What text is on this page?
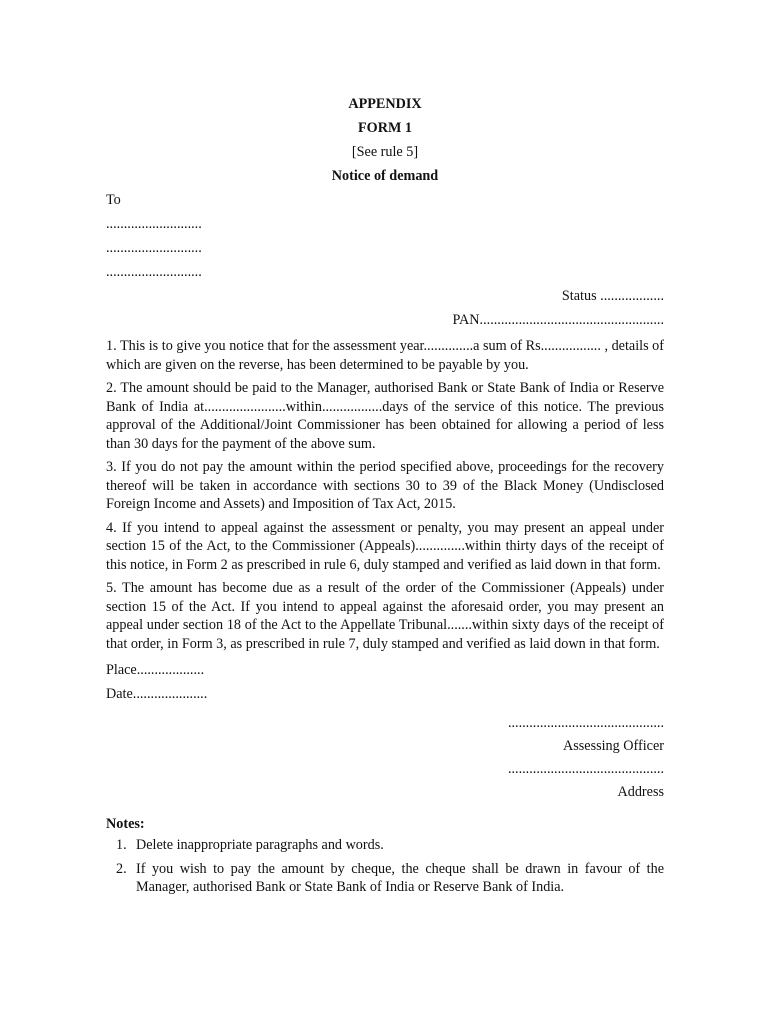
APPENDIX
FORM 1
[See rule 5]
Notice of demand
To
...........................
...........................
...........................
Status ..................
PAN....................................................

1. This is to give you notice that for the assessment year..............a sum of Rs................. , details of which are given on the reverse, has been determined to be payable by you.

2. The amount should be paid to the Manager, authorised Bank or State Bank of India or Reserve Bank of India at.......................within.................days of the service of this notice. The previous approval of the Additional/Joint Commissioner has been obtained for allowing a period of less than 30 days for the payment of the above sum.

3. If you do not pay the amount within the period specified above, proceedings for the recovery thereof will be taken in accordance with sections 30 to 39 of the Black Money (Undisclosed Foreign Income and Assets) and Imposition of Tax Act, 2015.

4. If you intend to appeal against the assessment or penalty, you may present an appeal under section 15 of the Act, to the Commissioner (Appeals)..............within thirty days of the receipt of this notice, in Form 2 as prescribed in rule 6, duly stamped and verified as laid down in that form.

5. The amount has become due as a result of the order of the Commissioner (Appeals) under section 15 of the Act. If you intend to appeal against the aforesaid order, you may present an appeal under section 18 of the Act to the Appellate Tribunal.......within sixty days of the receipt of that order, in Form 3, as prescribed in rule 7, duly stamped and verified as laid down in that form.

Place...................
Date.....................
............................................
Assessing Officer
............................................
Address
Notes:
1. Delete inappropriate paragraphs and words.
2. If you wish to pay the amount by cheque, the cheque shall be drawn in favour of the Manager, authorised Bank or State Bank of India or Reserve Bank of India.
